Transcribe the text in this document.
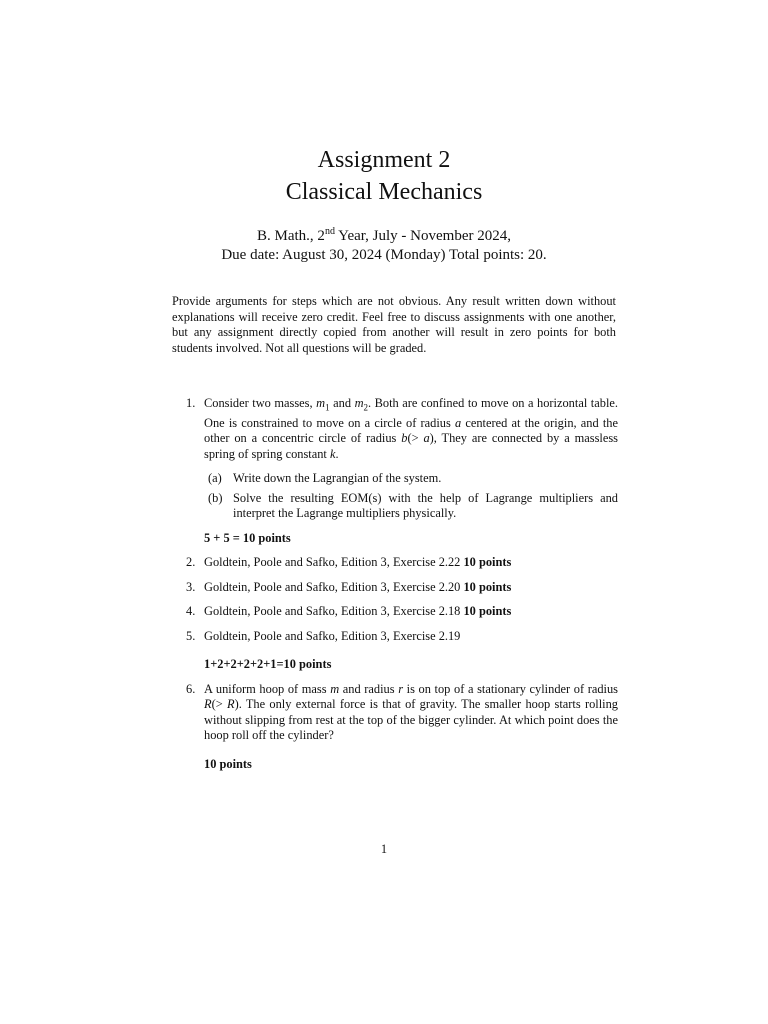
Assignment 2
Classical Mechanics
B. Math., 2nd Year, July - November 2024,
Due date: August 30, 2024 (Monday) Total points: 20.
Provide arguments for steps which are not obvious. Any result written down without explanations will receive zero credit. Feel free to discuss assignments with one another, but any assignment directly copied from another will result in zero points for both students involved. Not all questions will be graded.
1. Consider two masses, $m_1$ and $m_2$. Both are confined to move on a horizontal table. One is constrained to move on a circle of radius a centered at the origin, and the other on a concentric circle of radius b(> a), They are connected by a massless spring of spring constant k.
(a) Write down the Lagrangian of the system.
(b) Solve the resulting EOM(s) with the help of Lagrange multipliers and interpret the Lagrange multipliers physically.
5 + 5 = 10 points
2. Goldtein, Poole and Safko, Edition 3, Exercise 2.22 10 points
3. Goldtein, Poole and Safko, Edition 3, Exercise 2.20 10 points
4. Goldtein, Poole and Safko, Edition 3, Exercise 2.18 10 points
5. Goldtein, Poole and Safko, Edition 3, Exercise 2.19
1+2+2+2+2+1=10 points
6. A uniform hoop of mass m and radius r is on top of a stationary cylinder of radius R(> R). The only external force is that of gravity. The smaller hoop starts rolling without slipping from rest at the top of the bigger cylinder. At which point does the hoop roll off the cylinder?
10 points
1
